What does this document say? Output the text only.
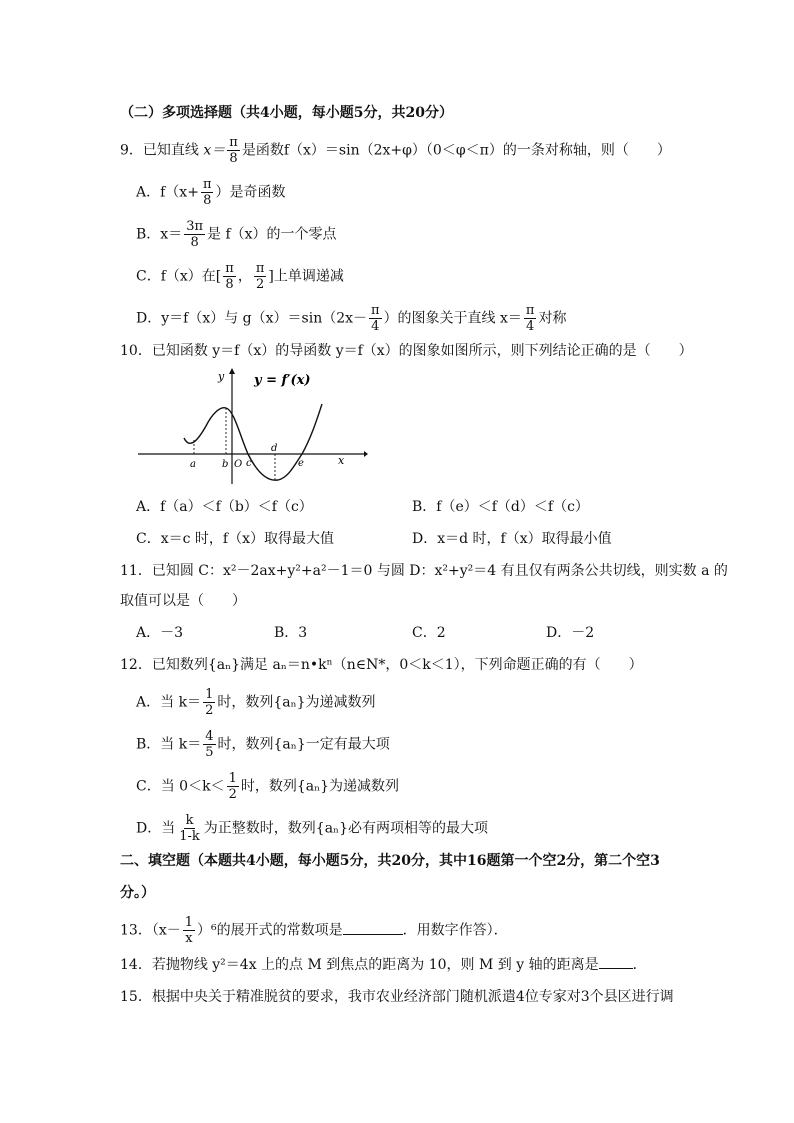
（二）多项选择题（共4小题，每小题5分，共20分）
9．已知直线 $x= \frac{\pi}{8}$ 是函数f（x）＝sin（2x+φ）（0＜φ＜π）的一条对称轴，则（　　）
A．$f(x+ \frac{\pi}{8}$ ）是奇函数
B．$x= \frac{3\pi}{8}$ 是 f（x）的一个零点
C．f（x）在[ $\frac{\pi}{8}$ ， $\frac{\pi}{2}$ ]上单调递减
D．y＝f（x）与 $g(x)=\sin(2x- \frac{\pi}{4}$ ）的图象关于直线 $x= \frac{\pi}{4}$ 对称
10．已知函数 y＝f（x）的导函数 y＝f（x）的图象如图所示，则下列结论正确的是（　　）
y = f′(x)
y
x
a	b O c
d
e
A．f（a）＜f（b）＜f（c）	B．f（e）＜f（d）＜f（c）
C．x＝c 时，f（x）取得最大值	D．x＝d 时，f（x）取得最小值
11．已知圆 C：x²－2ax+y²+a²－1＝0 与圆 D：x²+y²＝4 有且仅有两条公共切线，则实数 a 的
取值可以是（　　）
A．－3	B．3	C．2	D．－2
12．已知数列{aₙ}满足 aₙ＝n•kⁿ（n∈N*，0＜k＜1），下列命题正确的有（　　）
A．当 $k= \frac{1}{2}$ 时，数列{aₙ}为递减数列
B．当 $k= \frac{4}{5}$ 时，数列{aₙ}一定有最大项
C．当 $0<k< \frac{1}{2}$ 时，数列{aₙ}为递减数列
D．当 $\frac{k}{1-k}$ 为正整数时，数列{aₙ}必有两项相等的最大项
二、填空题（本题共4小题，每小题5分，共20分，其中16题第一个空2分，第二个空3
分。）
13．$(x- \frac{1}{x} )^6$的展开式的常数项是	．用数字作答）．
14．若抛物线 y²＝4x 上的点 M 到焦点的距离为 10，则 M 到 y 轴的距离是 ．
15．根据中央关于精准脱贫的要求，我市农业经济部门随机派遣4位专家对3个县区进行调
